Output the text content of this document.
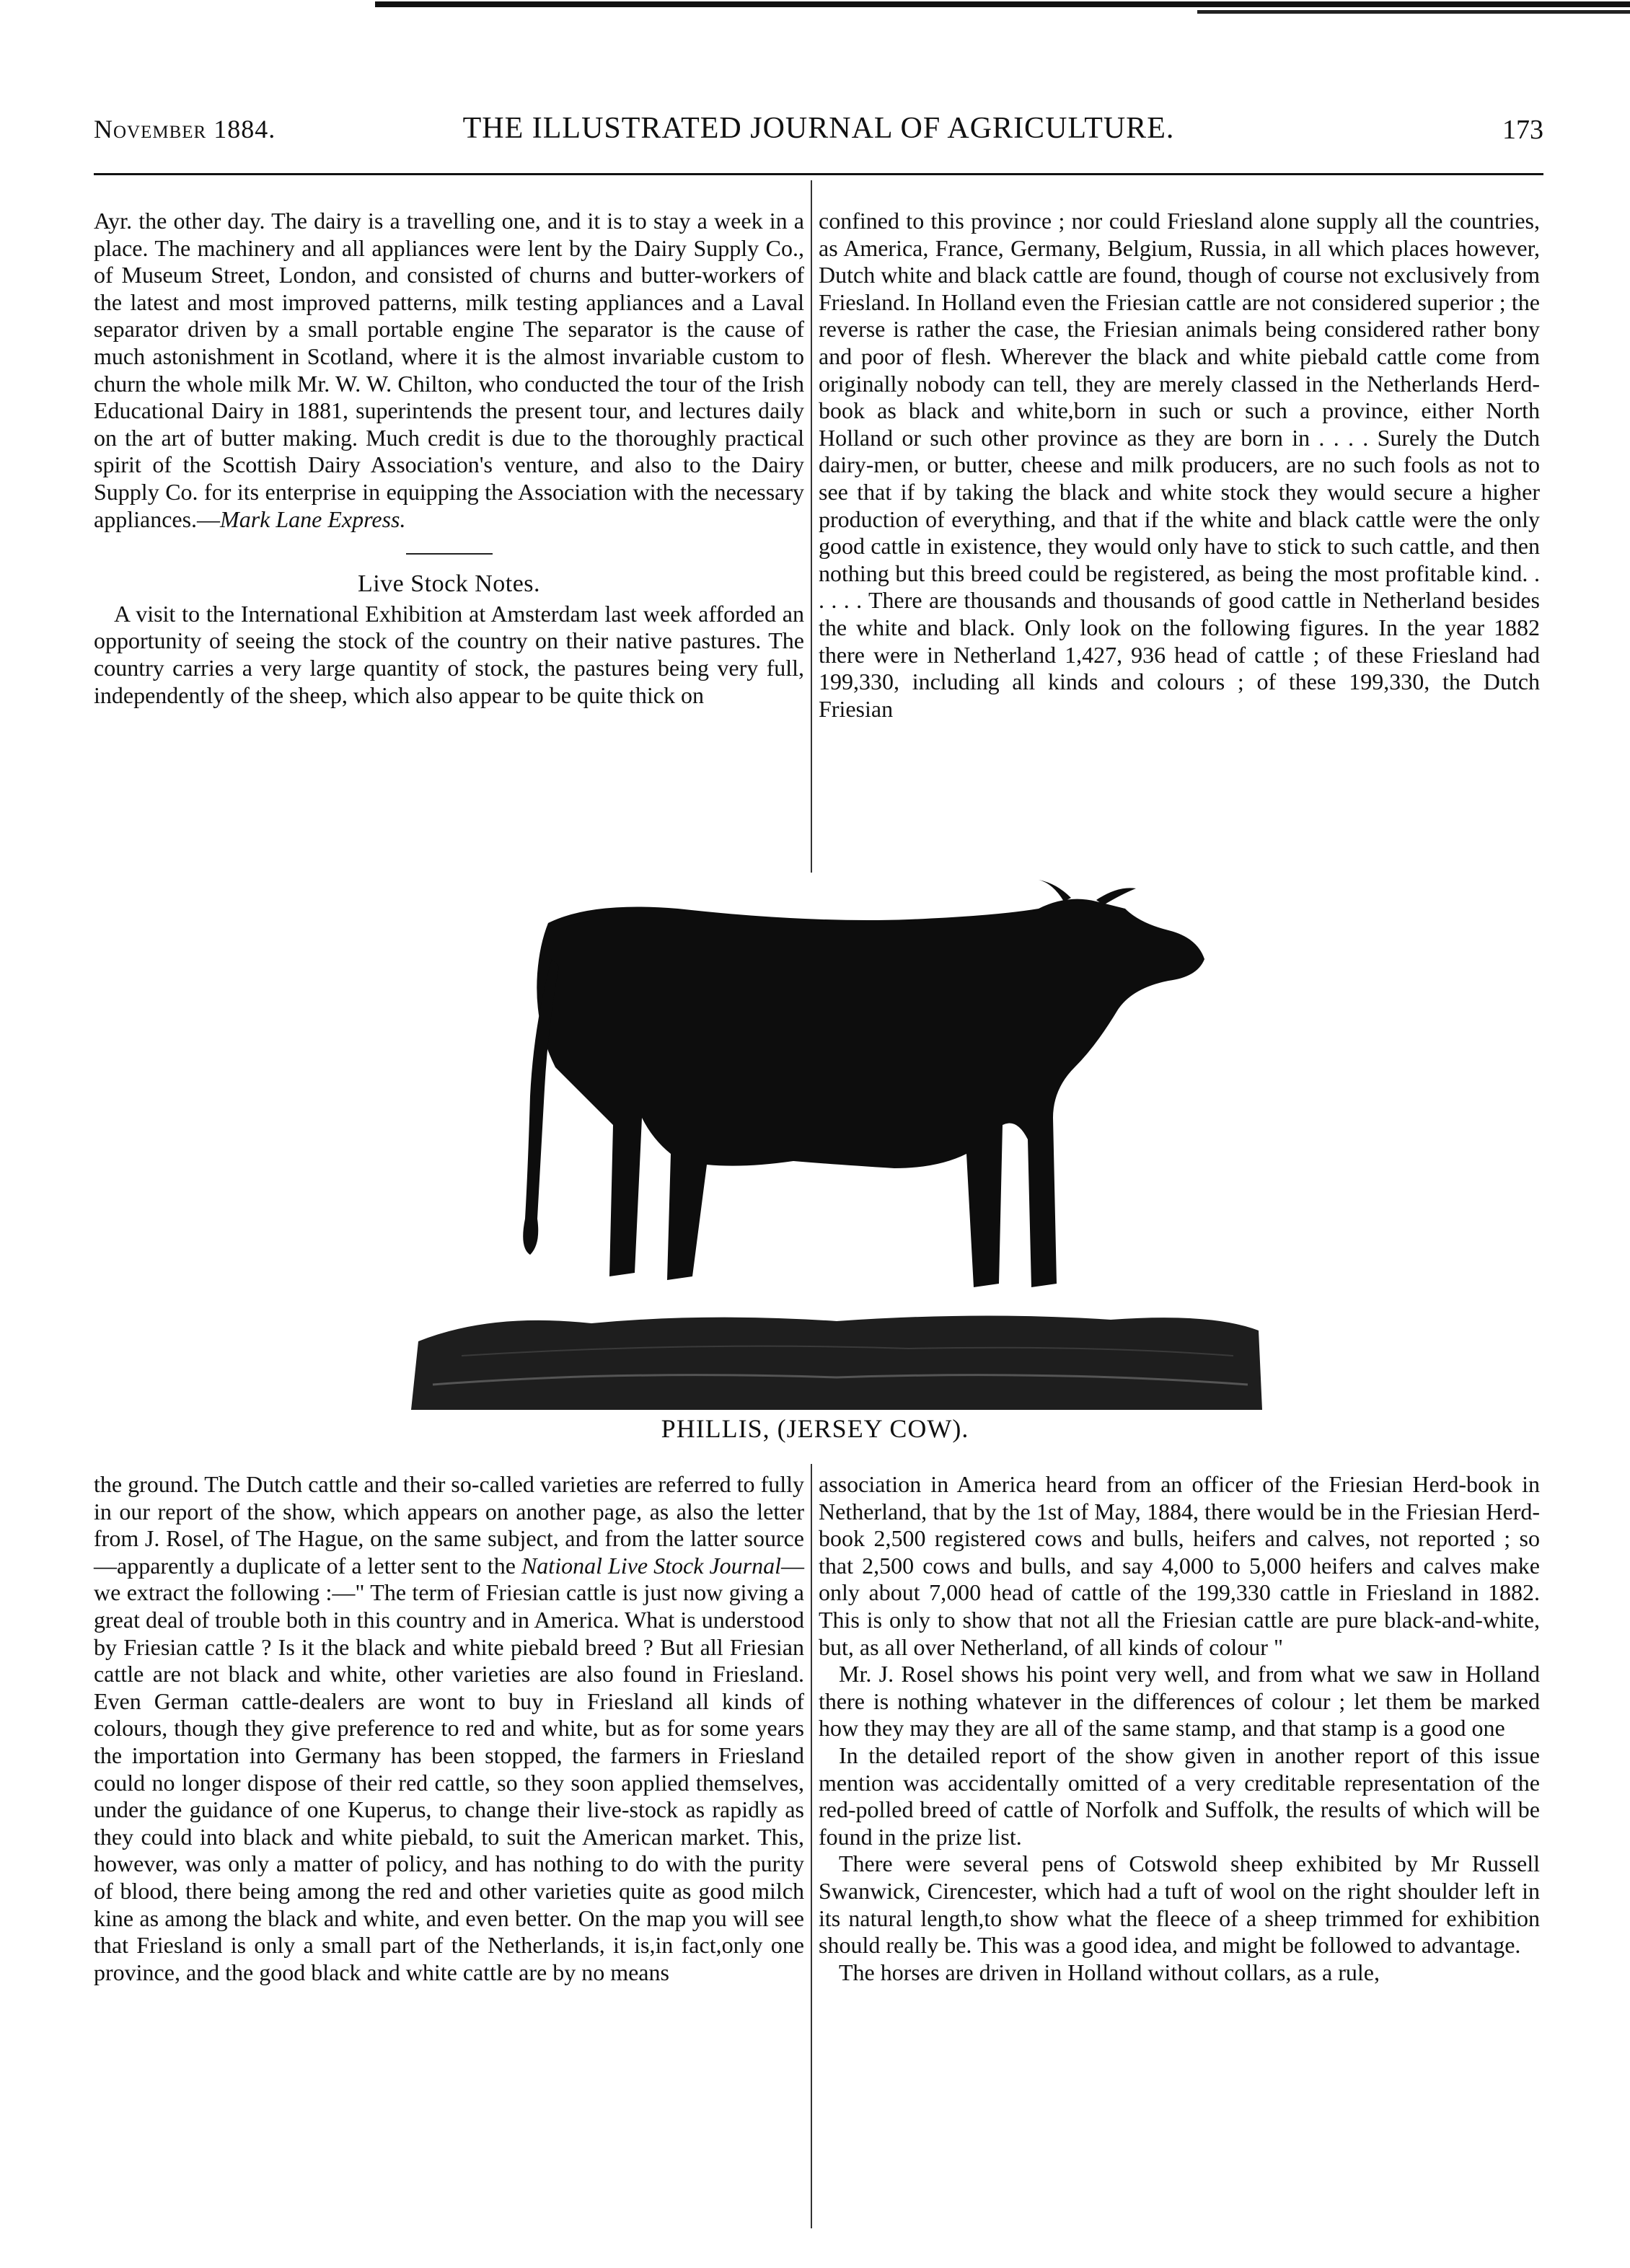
November 1884.	THE ILLUSTRATED JOURNAL OF AGRICULTURE.	173

Ayr. the other day. The dairy is a travelling one, and it is to stay a week in a place. The machinery and all appliances were lent by the Dairy Supply Co., of Museum Street, London, and consisted of churns and butter-workers of the latest and most improved patterns, milk testing appliances and a Laval separator driven by a small portable engine The separator is the cause of much astonishment in Scotland, where it is the almost invariable custom to churn the whole milk Mr. W. W. Chilton, who conducted the tour of the Irish Educational Dairy in 1881, superintends the present tour, and lectures daily on the art of butter making. Much credit is due to the thoroughly practical spirit of the Scottish Dairy Association's venture, and also to the Dairy Supply Co. for its enterprise in equipping the Association with the necessary appliances.—Mark Lane Express.

Live Stock Notes.

A visit to the International Exhibition at Amsterdam last week afforded an opportunity of seeing the stock of the country on their native pastures. The country carries a very large quantity of stock, the pastures being very full, independently of the sheep, which also appear to be quite thick on

confined to this province ; nor could Friesland alone supply all the countries, as America, France, Germany, Belgium, Russia, in all which places however, Dutch white and black cattle are found, though of course not exclusively from Friesland. In Holland even the Friesian cattle are not considered superior ; the reverse is rather the case, the Friesian animals being considered rather bony and poor of flesh. Wherever the black and white piebald cattle come from originally nobody can tell, they are merely classed in the Netherlands Herd-book as black and white,born in such or such a province, either North Holland or such other province as they are born in . . . . Surely the Dutch dairy-men, or butter, cheese and milk producers, are no such fools as not to see that if by taking the black and white stock they would secure a higher production of everything, and that if the white and black cattle were the only good cattle in existence, they would only have to stick to such cattle, and then nothing but this breed could be registered, as being the most profitable kind. . . . . . There are thousands and thousands of good cattle in Netherland besides the white and black. Only look on the following figures. In the year 1882 there were in Netherland 1,427, 936 head of cattle ; of these Friesland had 199,330, including all kinds and colours ; of these 199,330, the Dutch Friesian

PHILLIS, (JERSEY COW).

the ground. The Dutch cattle and their so-called varieties are referred to fully in our report of the show, which appears on another page, as also the letter from J. Rosel, of The Hague, on the same subject, and from the latter source—apparently a duplicate of a letter sent to the National Live Stock Journal—we extract the following :—" The term of Friesian cattle is just now giving a great deal of trouble both in this country and in America. What is understood by Friesian cattle ? Is it the black and white piebald breed ? But all Friesian cattle are not black and white, other varieties are also found in Friesland. Even German cattle-dealers are wont to buy in Friesland all kinds of colours, though they give preference to red and white, but as for some years the importation into Germany has been stopped, the farmers in Friesland could no longer dispose of their red cattle, so they soon applied themselves, under the guidance of one Kuperus, to change their live-stock as rapidly as they could into black and white piebald, to suit the American market. This, however, was only a matter of policy, and has nothing to do with the purity of blood, there being among the red and other varieties quite as good milch kine as among the black and white, and even better. On the map you will see that Friesland is only a small part of the Netherlands, it is,in fact,only one province, and the good black and white cattle are by no means

association in America heard from an officer of the Friesian Herd-book in Netherland, that by the 1st of May, 1884, there would be in the Friesian Herd-book 2,500 registered cows and bulls, heifers and calves, not reported ; so that 2,500 cows and bulls, and say 4,000 to 5,000 heifers and calves make only about 7,000 head of cattle of the 199,330 cattle in Friesland in 1882. This is only to show that not all the Friesian cattle are pure black-and-white, but, as all over Netherland, of all kinds of colour "

Mr. J. Rosel shows his point very well, and from what we saw in Holland there is nothing whatever in the differences of colour ; let them be marked how they may they are all of the same stamp, and that stamp is a good one

In the detailed report of the show given in another report of this issue mention was accidentally omitted of a very creditable representation of the red-polled breed of cattle of Norfolk and Suffolk, the results of which will be found in the prize list.

There were several pens of Cotswold sheep exhibited by Mr Russell Swanwick, Cirencester, which had a tuft of wool on the right shoulder left in its natural length,to show what the fleece of a sheep trimmed for exhibition should really be. This was a good idea, and might be followed to advantage.

The horses are driven in Holland without collars, as a rule,
